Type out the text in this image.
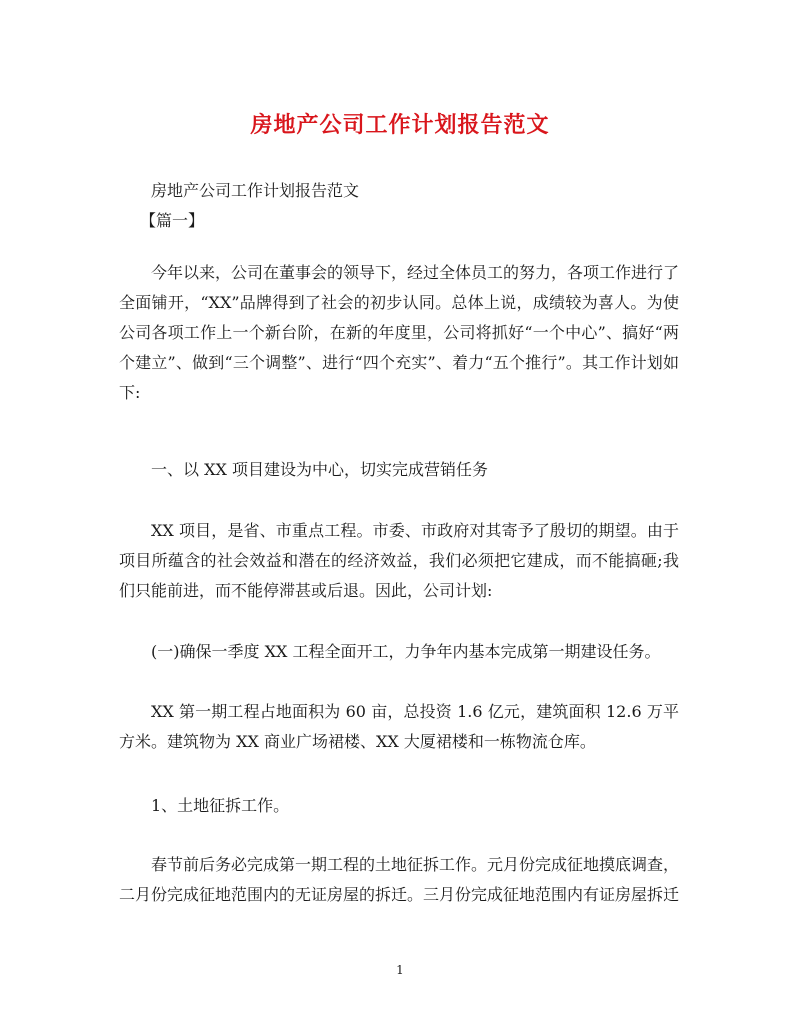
房地产公司工作计划报告范文

房地产公司工作计划报告范文

【篇一】

今年以来，公司在董事会的领导下，经过全体员工的努力，各项工作进行了全面铺开，“XX”品牌得到了社会的初步认同。总体上说，成绩较为喜人。为使公司各项工作上一个新台阶，在新的年度里，公司将抓好“一个中心”、搞好“两个建立”、做到“三个调整”、进行“四个充实”、着力“五个推行”。其工作计划如下:

一、以 XX 项目建设为中心，切实完成营销任务

XX 项目，是省、市重点工程。市委、市政府对其寄予了殷切的期望。由于项目所蕴含的社会效益和潜在的经济效益，我们必须把它建成，而不能搞砸;我们只能前进，而不能停滞甚或后退。因此，公司计划:

(一)确保一季度 XX 工程全面开工，力争年内基本完成第一期建设任务。

XX 第一期工程占地面积为 60 亩，总投资 1.6 亿元，建筑面积 12.6 万平方米。建筑物为 XX 商业广场裙楼、XX 大厦裙楼和一栋物流仓库。

1、土地征拆工作。

春节前后务必完成第一期工程的土地征拆工作。元月份完成征地摸底调查，二月份完成征地范围内的无证房屋的拆迁。三月份完成征地范围内有证房屋拆迁

1
